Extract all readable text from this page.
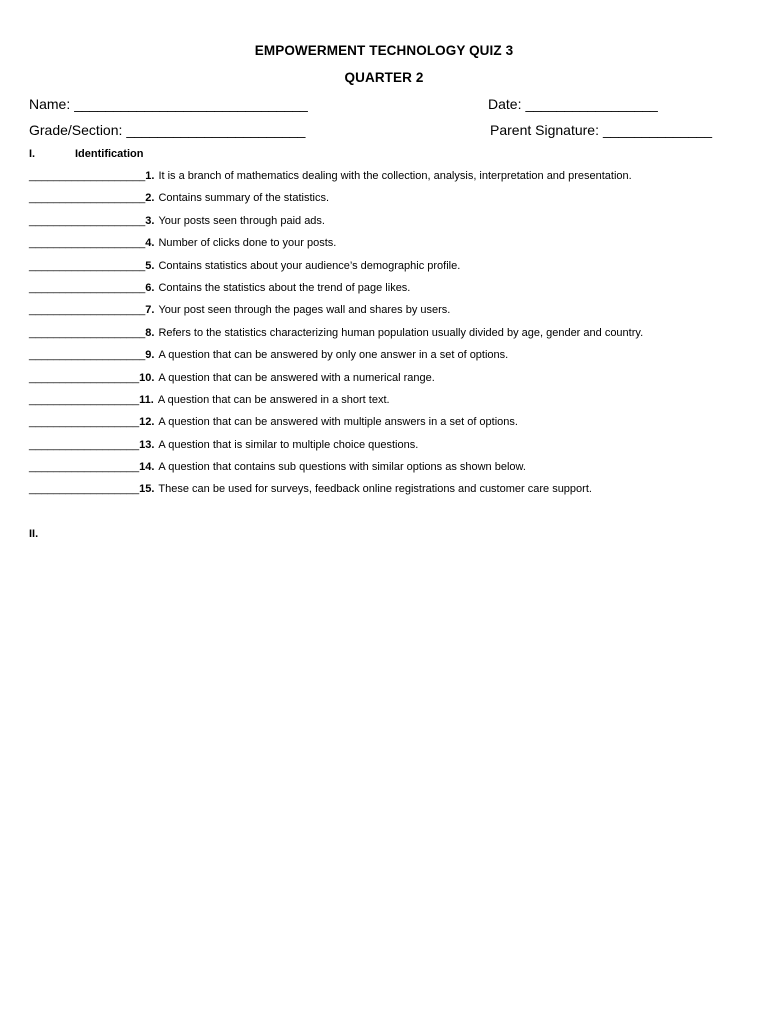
EMPOWERMENT TECHNOLOGY QUIZ 3
QUARTER 2
Name: ______________________________	Date: _________________
Grade/Section: _______________________	Parent Signature: ______________
I.	Identification
___________________ 1. It is a branch of mathematics dealing with the collection, analysis, interpretation and presentation.
___________________ 2. Contains summary of the statistics.
___________________ 3. Your posts seen through paid ads.
___________________ 4. Number of clicks done to your posts.
___________________ 5. Contains statistics about your audience’s demographic profile.
___________________ 6. Contains the statistics about the trend of page likes.
___________________ 7. Your post seen through the pages wall and shares by users.
___________________ 8. Refers to the statistics characterizing human population usually divided by age, gender and country.
___________________ 9. A question that can be answered by only one answer in a set of options.
__________________ 10. A question that can be answered with a numerical range.
__________________ 11. A question that can be answered in a short text.
__________________ 12. A question that can be answered with multiple answers in a set of options.
__________________ 13. A question that is similar to multiple choice questions.
__________________ 14. A question that contains sub questions with similar options as shown below.
__________________ 15. These can be used for surveys, feedback online registrations and customer care support.
II.
